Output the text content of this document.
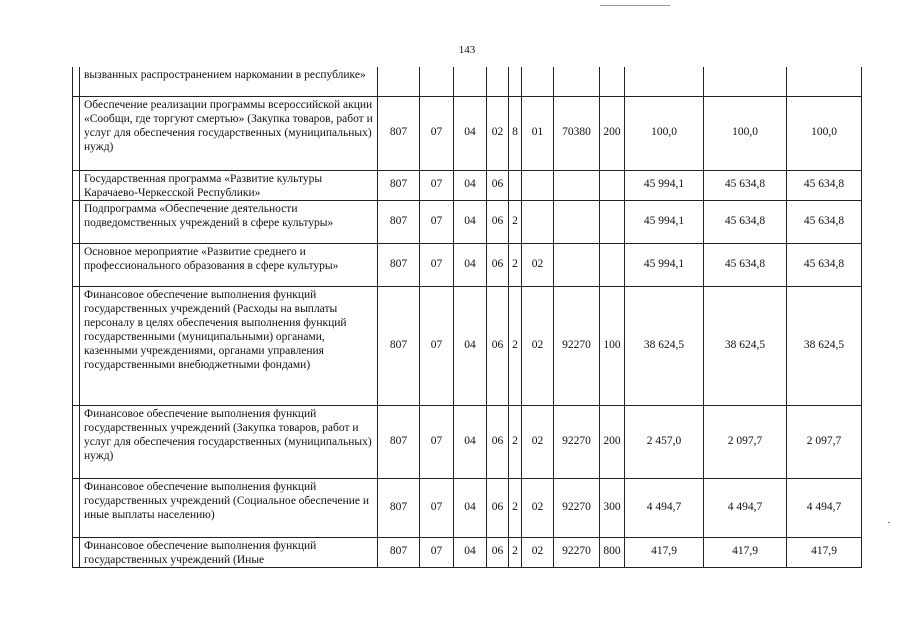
143
	вызванных распространением наркомании в республике»											
	Обеспечение реализации программы всероссийской акции «Сообщи, где торгуют смертью» (Закупка товаров, работ и услуг для обеспечения государственных (муниципальных) нужд)	807	07	04	02	8	01	70380	200	100,0	100,0	100,0
	Государственная программа «Развитие культуры Карачаево-Черкесской Республики»	807	07	04	06					45 994,1	45 634,8	45 634,8
	Подпрограмма «Обеспечение деятельности подведомственных учреждений в сфере культуры»	807	07	04	06	2				45 994,1	45 634,8	45 634,8
	Основное мероприятие «Развитие среднего и профессионального образования в сфере культуры»	807	07	04	06	2	02			45 994,1	45 634,8	45 634,8
	Финансовое обеспечение выполнения функций государственных учреждений (Расходы на выплаты персоналу в целях обеспечения выполнения функций государственными (муниципальными) органами, казенными учреждениями, органами управления государственными внебюджетными фондами)	807	07	04	06	2	02	92270	100	38 624,5	38 624,5	38 624,5
	Финансовое обеспечение выполнения функций государственных учреждений (Закупка товаров, работ и услуг для обеспечения государственных (муниципальных) нужд)	807	07	04	06	2	02	92270	200	2 457,0	2 097,7	2 097,7
	Финансовое обеспечение выполнения функций государственных учреждений (Социальное обеспечение и иные выплаты населению)	807	07	04	06	2	02	92270	300	4 494,7	4 494,7	4 494,7
	Финансовое обеспечение выполнения функций государственных учреждений (Иные	807	07	04	06	2	02	92270	800	417,9	417,9	417,9
